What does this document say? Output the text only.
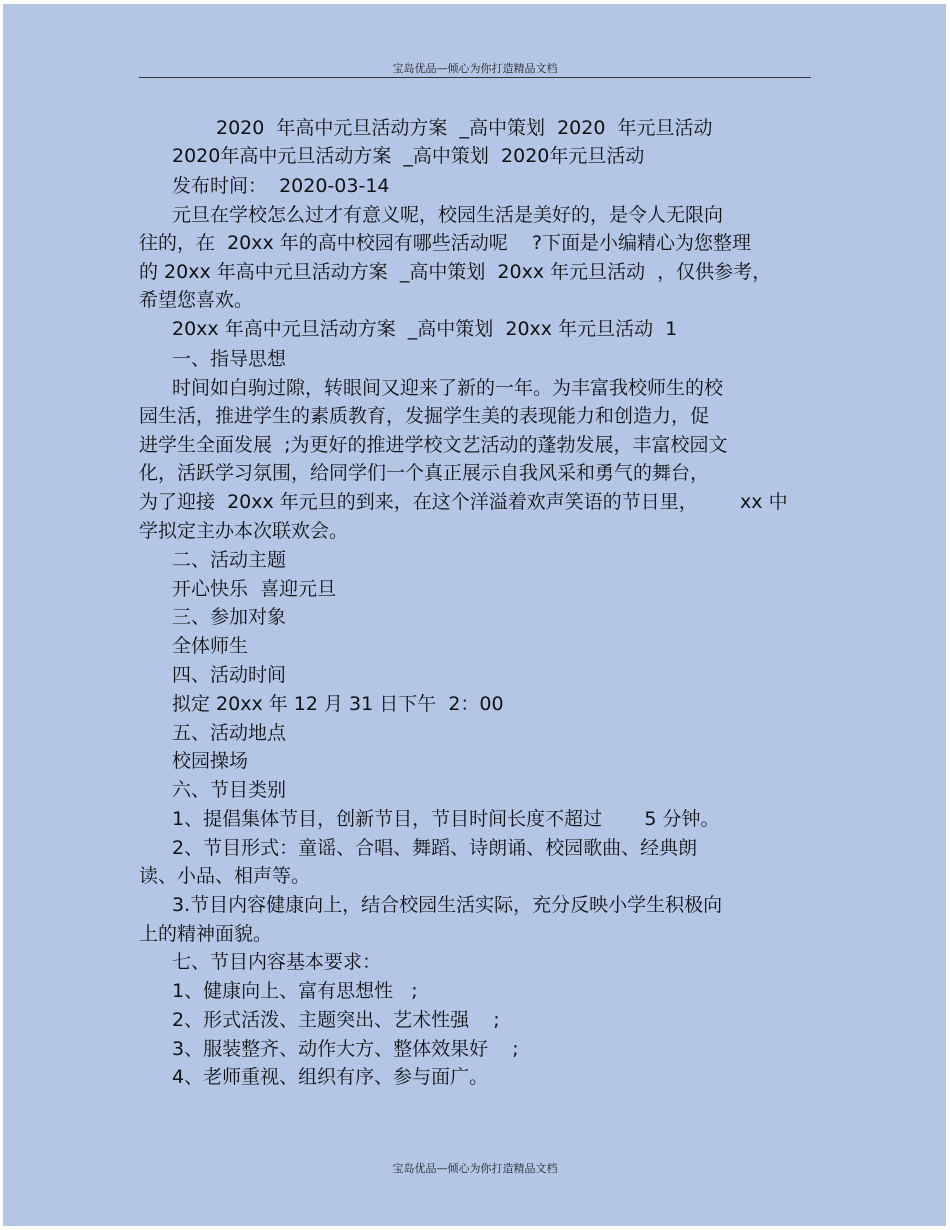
宝岛优品—倾心为你打造精品文档
2020  年高中元旦活动方案  _高中策划  2020  年元旦活动
2020年高中元旦活动方案  _高中策划  2020年元旦活动
发布时间：  2020-03-14
元旦在学校怎么过才有意义呢，校园生活是美好的，是令人无限向
往的，在  20xx 年的高中校园有哪些活动呢    ?下面是小编精心为您整理
的 20xx 年高中元旦活动方案  _高中策划  20xx 年元旦活动  ，仅供参考，
希望您喜欢。
20xx 年高中元旦活动方案  _高中策划  20xx 年元旦活动  1
一、指导思想
时间如白驹过隙，转眼间又迎来了新的一年。为丰富我校师生的校
园生活，推进学生的素质教育，发掘学生美的表现能力和创造力，促
进学生全面发展  ;为更好的推进学校文艺活动的蓬勃发展，丰富校园文
化，活跃学习氛围，给同学们一个真正展示自我风采和勇气的舞台，
为了迎接  20xx 年元旦的到来，在这个洋溢着欢声笑语的节日里，       xx 中
学拟定主办本次联欢会。
二、活动主题
开心快乐  喜迎元旦
三、参加对象
全体师生
四、活动时间
拟定 20xx 年 12 月 31 日下午  2：00
五、活动地点
校园操场
六、节目类别
1、提倡集体节目，创新节目，节目时间长度不超过       5 分钟。
2、节目形式：童谣、合唱、舞蹈、诗朗诵、校园歌曲、经典朗
读、小品、相声等。
3.节目内容健康向上，结合校园生活实际，充分反映小学生积极向
上的精神面貌。
七、节目内容基本要求：
1、健康向上、富有思想性   ;
2、形式活泼、主题突出、艺术性强    ;
3、服装整齐、动作大方、整体效果好    ;
4、老师重视、组织有序、参与面广。
宝岛优品—倾心为你打造精品文档
